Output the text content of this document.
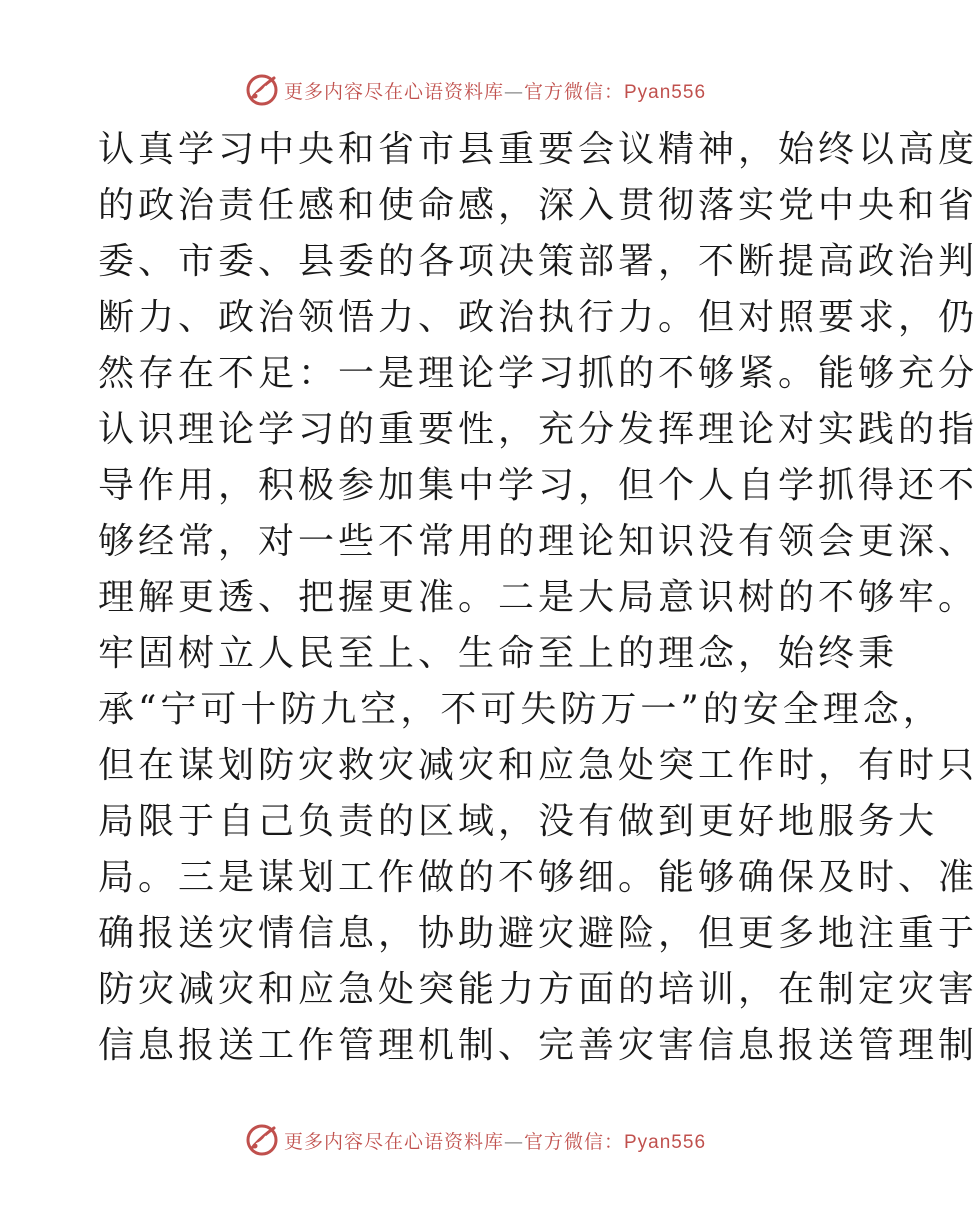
更多内容尽在心语资料库—官方微信：Pyan556
认真学习中央和省市县重要会议精神，始终以高度
的政治责任感和使命感，深入贯彻落实党中央和省
委、市委、县委的各项决策部署，不断提高政治判
断力、政治领悟力、政治执行力。但对照要求，仍
然存在不足：一是理论学习抓的不够紧。能够充分
认识理论学习的重要性，充分发挥理论对实践的指
导作用，积极参加集中学习，但个人自学抓得还不
够经常，对一些不常用的理论知识没有领会更深、
理解更透、把握更准。二是大局意识树的不够牢。
牢固树立人民至上、生命至上的理念，始终秉
承“宁可十防九空，不可失防万一”的安全理念，
但在谋划防灾救灾减灾和应急处突工作时，有时只
局限于自己负责的区域，没有做到更好地服务大
局。三是谋划工作做的不够细。能够确保及时、准
确报送灾情信息，协助避灾避险，但更多地注重于
防灾减灾和应急处突能力方面的培训，在制定灾害
信息报送工作管理机制、完善灾害信息报送管理制
更多内容尽在心语资料库—官方微信：Pyan556
